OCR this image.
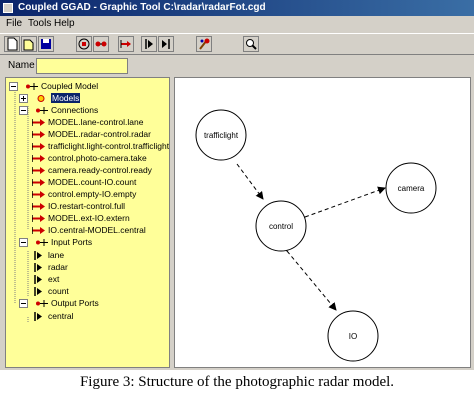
Coupled GGAD - Graphic Tool C:\radar\radarFot.cgd
File Tools Help
Name
Coupled Model
Models
Connections
MODEL.lane-control.lane
MODEL.radar-control.radar
trafficlight.light-control.trafficlight
control.photo-camera.take
camera.ready-control.ready
MODEL.count-IO.count
control.empty-IO.empty
IO.restart-control.full
MODEL.ext-IO.extern
IO.central-MODEL.central
Input Ports
lane
radar
ext
count
Output Ports
central
trafficlight
camera
control
IO
Figure 3: Structure of the photographic radar model.
